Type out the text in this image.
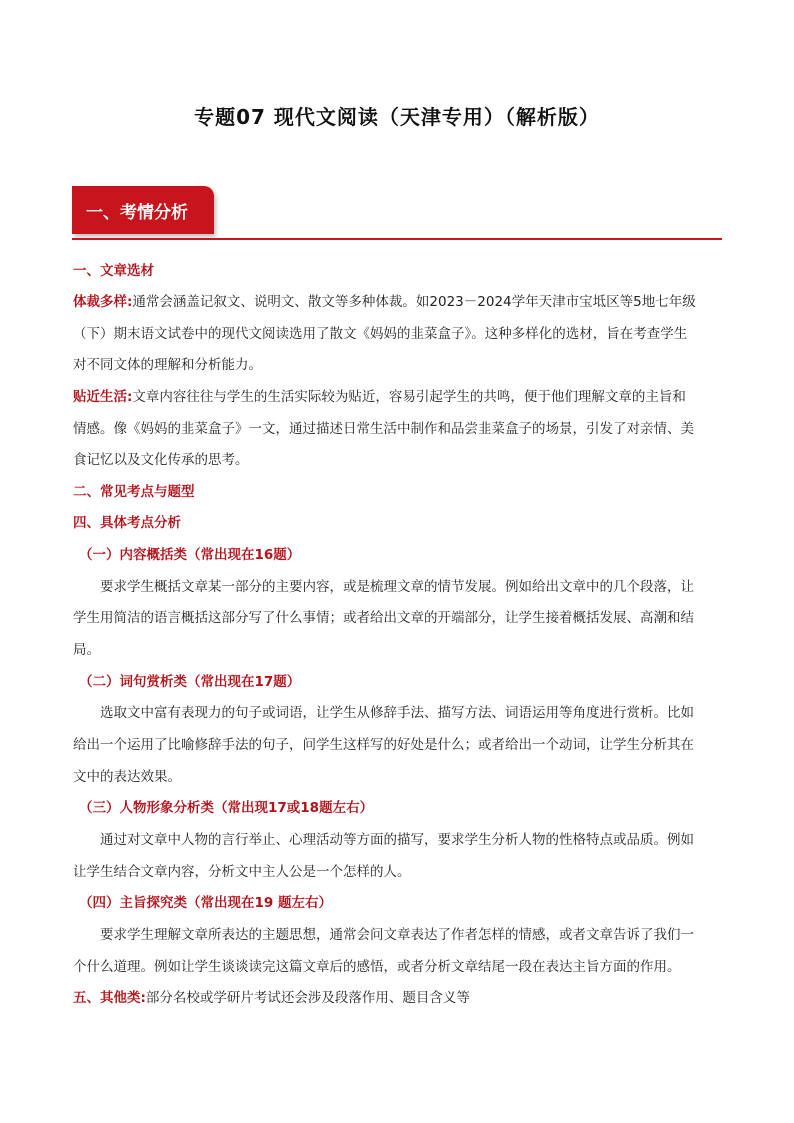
专题07 现代文阅读（天津专用）（解析版）
一、考情分析
一、文章选材
体裁多样:通常会涵盖记叙文、说明文、散文等多种体裁。如2023－2024学年天津市宝坻区等5地七年级
（下）期末语文试卷中的现代文阅读选用了散文《妈妈的韭菜盒子》。这种多样化的选材，旨在考查学生
对不同文体的理解和分析能力。
贴近生活:文章内容往往与学生的生活实际较为贴近，容易引起学生的共鸣，便于他们理解文章的主旨和
情感。像《妈妈的韭菜盒子》一文，通过描述日常生活中制作和品尝韭菜盒子的场景，引发了对亲情、美
食记忆以及文化传承的思考。
二、常见考点与题型
四、具体考点分析
（一）内容概括类（常出现在16题）
要求学生概括文章某一部分的主要内容，或是梳理文章的情节发展。例如给出文章中的几个段落，让
学生用简洁的语言概括这部分写了什么事情；或者给出文章的开端部分，让学生接着概括发展、高潮和结
局。
（二）词句赏析类（常出现在17题）
选取文中富有表现力的句子或词语，让学生从修辞手法、描写方法、词语运用等角度进行赏析。比如
给出一个运用了比喻修辞手法的句子，问学生这样写的好处是什么；或者给出一个动词，让学生分析其在
文中的表达效果。
（三）人物形象分析类（常出现17或18题左右）
通过对文章中人物的言行举止、心理活动等方面的描写，要求学生分析人物的性格特点或品质。例如
让学生结合文章内容，分析文中主人公是一个怎样的人。
（四）主旨探究类（常出现在19 题左右）
要求学生理解文章所表达的主题思想，通常会问文章表达了作者怎样的情感，或者文章告诉了我们一
个什么道理。例如让学生谈谈读完这篇文章后的感悟，或者分析文章结尾一段在表达主旨方面的作用。
五、其他类:部分名校或学研片考试还会涉及段落作用、题目含义等
